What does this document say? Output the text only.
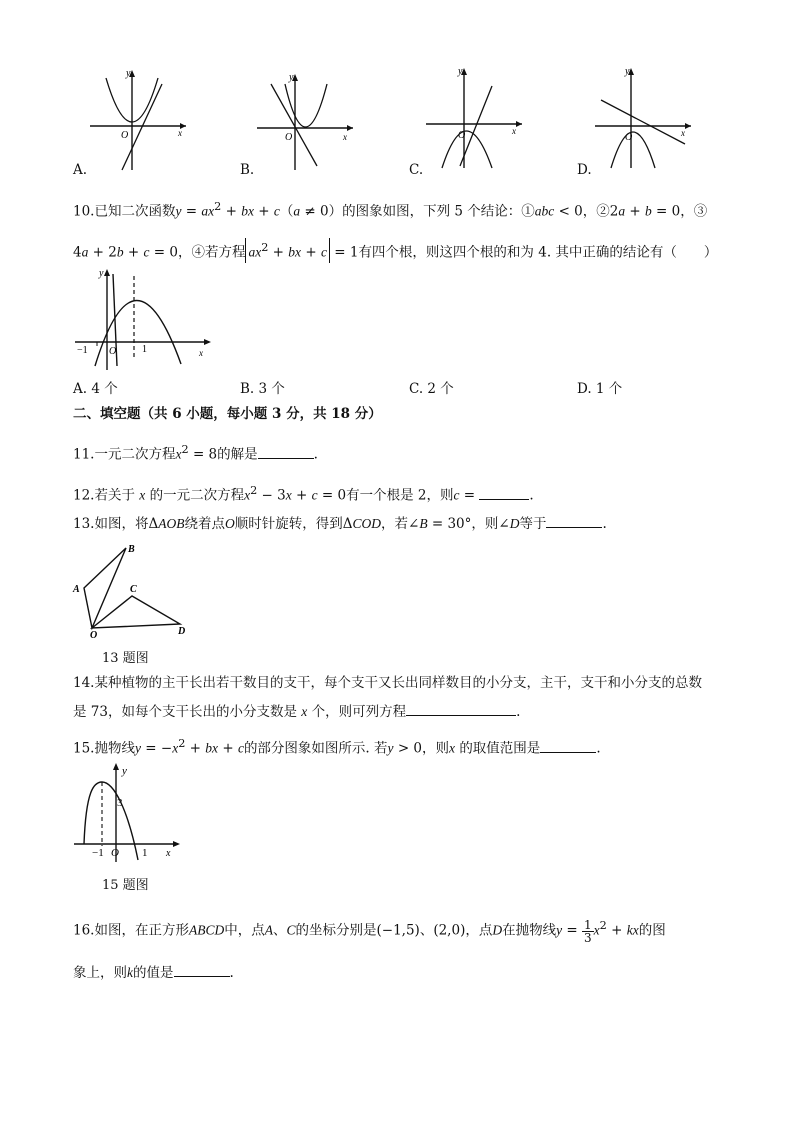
y
x
O
y
x
O
y
x
O
y
x
O
A.	B.	C.	D.
10.已知二次函数$y = ax^2$ + bx + c（a ≠ 0）的图象如图，下列 5 个结论：①abc < 0，②2a + b = 0，③
4a + 2b + c = 0，④若方程 $ax^2$ + bx + c = 1有四个根，则这四个根的和为 4. 其中正确的结论有（　　）
y
x
−1 O	1
A. 4 个	B. 3 个	C. 2 个	D. 1 个
二、填空题（共 6 小题，每小题 3 分，共 18 分）
11.一元二次方程$x^2 = 8$的解是	.
12.若关于 x 的一元二次方程$x^2 - 3x + c = 0$有一个根是 2，则c =	.
13.如图，将ΔAOB绕着点O顺时针旋转，得到ΔCOD，若∠B = 30°，则∠D等于	.
B
A	C
O	D
13 题图
14.某种植物的主干长出若干数目的支干，每个支干又长出同样数目的小分支，主干，支干和小分支的总数
是 73，如每个支干长出的小分支数是 x 个，则可列方程	.
15.抛物线$y = -x^2$ + bx + c的部分图象如图所示. 若y > 0，则x 的取值范围是	.
y
x
3
−1 O 1
15 题图
16.如图，在正方形ABCD中，点A、C的坐标分别是(−1,5)、(2,0)，点D在抛物线$y = \frac{1}{3} x^2$ + kx的图
象上，则k的值是	.
